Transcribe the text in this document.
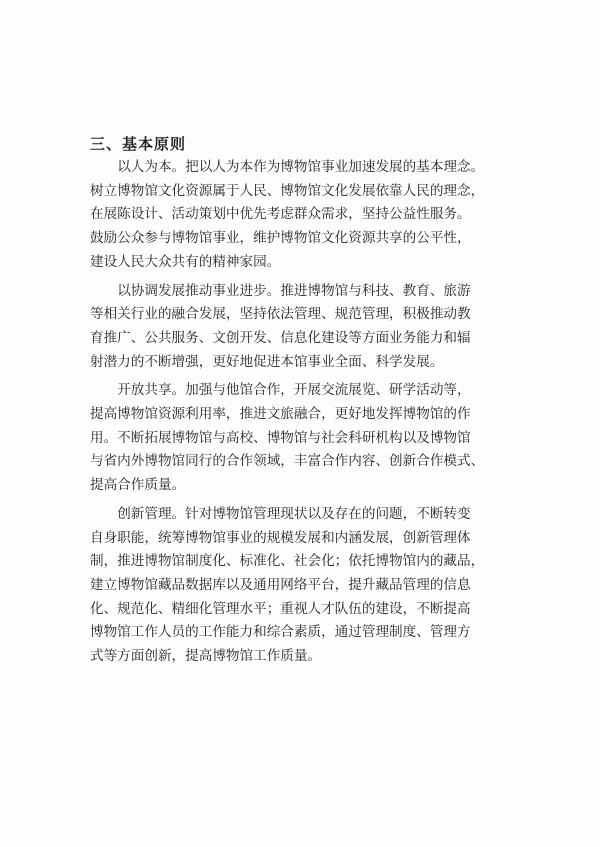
三、基本原则
以人为本。把以人为本作为博物馆事业加速发展的基本理念。
树立博物馆文化资源属于人民、博物馆文化发展依靠人民的理念，
在展陈设计、活动策划中优先考虑群众需求，坚持公益性服务。
鼓励公众参与博物馆事业，维护博物馆文化资源共享的公平性，
建设人民大众共有的精神家园。
以协调发展推动事业进步。推进博物馆与科技、教育、旅游
等相关行业的融合发展，坚持依法管理、规范管理，积极推动教
育推广、公共服务、文创开发、信息化建设等方面业务能力和辐
射潜力的不断增强，更好地促进本馆事业全面、科学发展。
开放共享。加强与他馆合作，开展交流展览、研学活动等，
提高博物馆资源利用率，推进文旅融合，更好地发挥博物馆的作
用。不断拓展博物馆与高校、博物馆与社会科研机构以及博物馆
与省内外博物馆同行的合作领域，丰富合作内容、创新合作模式、
提高合作质量。
创新管理。针对博物馆管理现状以及存在的问题，不断转变
自身职能，统筹博物馆事业的规模发展和内涵发展，创新管理体
制，推进博物馆制度化、标准化、社会化；依托博物馆内的藏品，
建立博物馆藏品数据库以及通用网络平台，提升藏品管理的信息
化、规范化、精细化管理水平；重视人才队伍的建设，不断提高
博物馆工作人员的工作能力和综合素质，通过管理制度、管理方
式等方面创新，提高博物馆工作质量。
